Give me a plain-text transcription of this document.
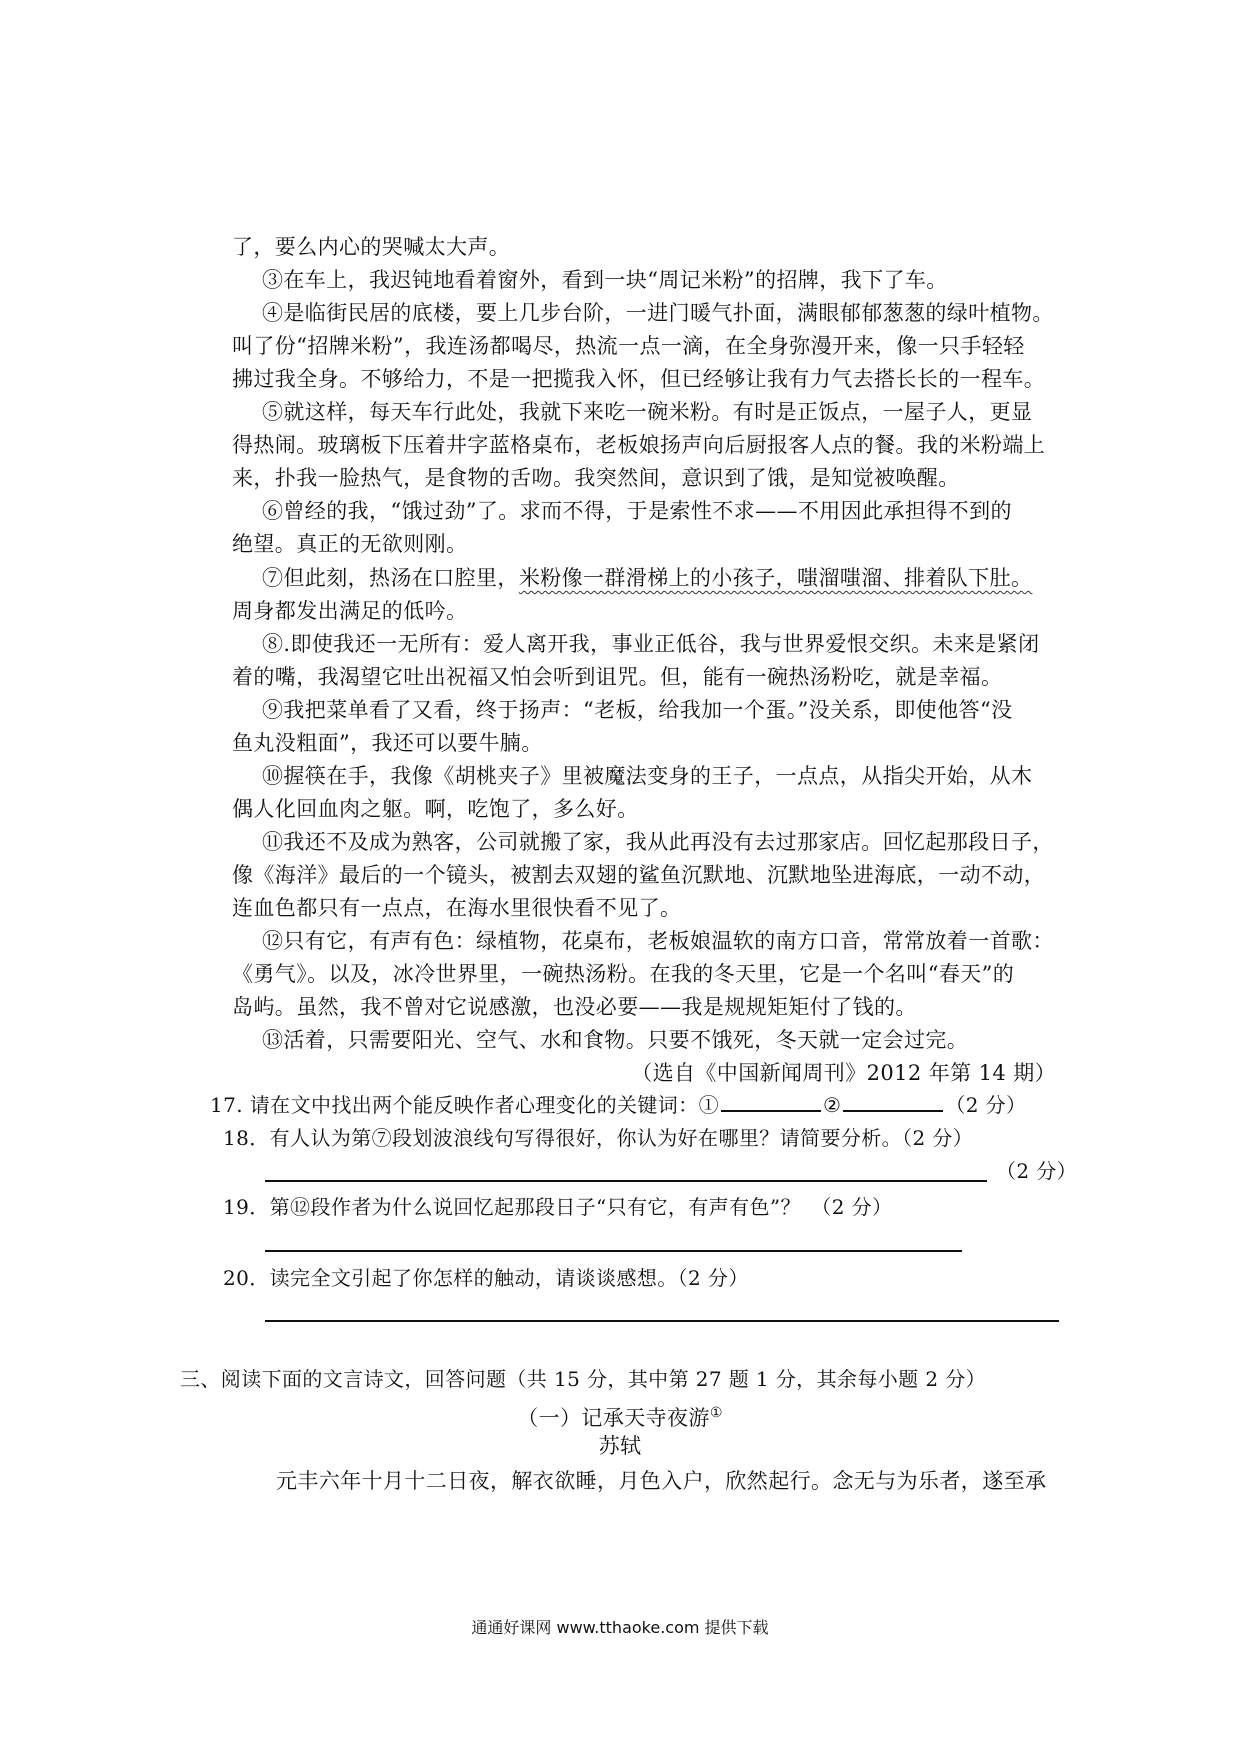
了，要么内心的哭喊太大声。
③在车上，我迟钝地看着窗外，看到一块“周记米粉”的招牌，我下了车。
④是临街民居的底楼，要上几步台阶，一进门暖气扑面，满眼郁郁葱葱的绿叶植物。
叫了份“招牌米粉”，我连汤都喝尽，热流一点一滴，在全身弥漫开来，像一只手轻轻
拂过我全身。不够给力，不是一把揽我入怀，但已经够让我有力气去搭长长的一程车。
⑤就这样，每天车行此处，我就下来吃一碗米粉。有时是正饭点，一屋子人，更显
得热闹。玻璃板下压着井字蓝格桌布，老板娘扬声向后厨报客人点的餐。我的米粉端上
来，扑我一脸热气，是食物的舌吻。我突然间，意识到了饿，是知觉被唤醒。
⑥曾经的我，“饿过劲”了。求而不得，于是索性不求——不用因此承担得不到的
绝望。真正的无欲则刚。
⑦但此刻，热汤在口腔里，米粉像一群滑梯上的小孩子，嗤溜嗤溜、排着队下肚。
周身都发出满足的低吟。
⑧.即使我还一无所有：爱人离开我，事业正低谷，我与世界爱恨交织。未来是紧闭
着的嘴，我渴望它吐出祝福又怕会听到诅咒。但，能有一碗热汤粉吃，就是幸福。
⑨我把菜单看了又看，终于扬声：“老板，给我加一个蛋。”没关系，即使他答“没
鱼丸没粗面”，我还可以要牛腩。
⑩握筷在手，我像《胡桃夹子》里被魔法变身的王子，一点点，从指尖开始，从木
偶人化回血肉之躯。啊，吃饱了，多么好。
⑪我还不及成为熟客，公司就搬了家，我从此再没有去过那家店。回忆起那段日子，
像《海洋》最后的一个镜头，被割去双翅的鲨鱼沉默地、沉默地坠进海底，一动不动，
连血色都只有一点点，在海水里很快看不见了。
⑫只有它，有声有色：绿植物，花桌布，老板娘温软的南方口音，常常放着一首歌：
《勇气》。以及，冰冷世界里，一碗热汤粉。在我的冬天里，它是一个名叫“春天”的
岛屿。虽然，我不曾对它说感激，也没必要——我是规规矩矩付了钱的。
⑬活着，只需要阳光、空气、水和食物。只要不饿死，冬天就一定会过完。
（选自《中国新闻周刊》2012 年第 14 期）
17. 请在文中找出两个能反映作者心理变化的关键词：①	②	（2 分）
18．有人认为第⑦段划波浪线句写得很好，你认为好在哪里？请简要分析。（2 分）
（2 分）
19．第⑫段作者为什么说回忆起那段日子“只有它，有声有色”？　（2 分）
20．读完全文引起了你怎样的触动，请谈谈感想。（2 分）
三、阅读下面的文言诗文，回答问题（共 15 分，其中第 27 题 1 分，其余每小题 2 分）
（一）记承天寺夜游①
苏轼
元丰六年十月十二日夜，解衣欲睡，月色入户，欣然起行。念无与为乐者，遂至承
通通好课网 www.tthaoke.com 提供下载
